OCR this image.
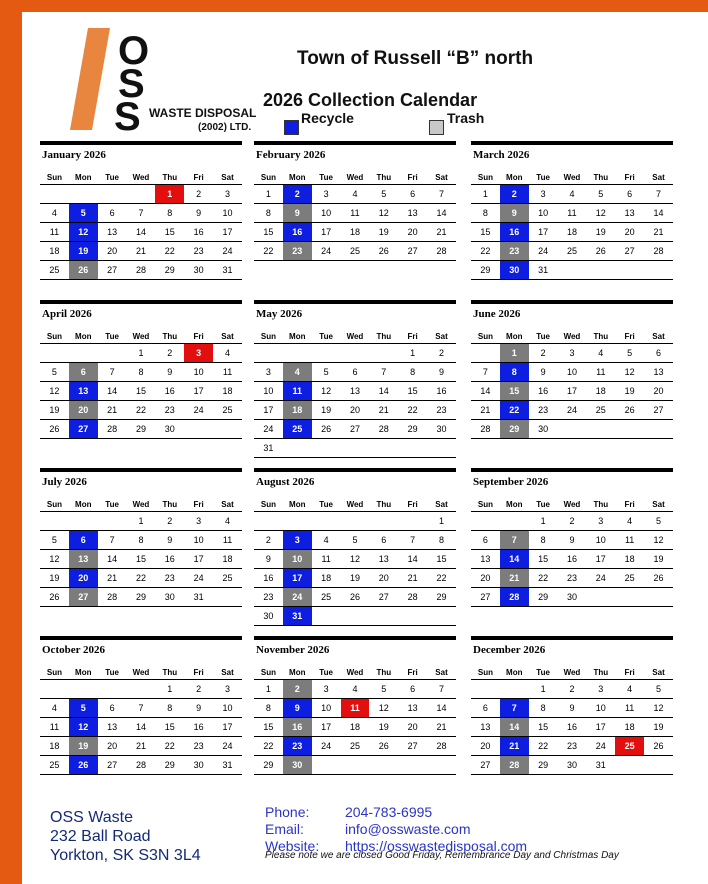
O
S
S WASTE DISPOSAL
(2002) LTD.
Town of Russell “B” north
2026 Collection Calendar
Recycle	Trash
January 2026
Sun	Mon	Tue	Wed	Thu	Fri	Sat
				1	2	3
4	5	6	7	8	9	10
11	12	13	14	15	16	17
18	19	20	21	22	23	24
25	26	27	28	29	30	31
February 2026
Sun	Mon	Tue	Wed	Thu	Fri	Sat
1	2	3	4	5	6	7
8	9	10	11	12	13	14
15	16	17	18	19	20	21
22	23	24	25	26	27	28
March 2026
Sun	Mon	Tue	Wed	Thu	Fri	Sat
1	2	3	4	5	6	7
8	9	10	11	12	13	14
15	16	17	18	19	20	21
22	23	24	25	26	27	28
29	30	31				
April 2026
Sun	Mon	Tue	Wed	Thu	Fri	Sat
			1	2	3	4
5	6	7	8	9	10	11
12	13	14	15	16	17	18
19	20	21	22	23	24	25
26	27	28	29	30		
May 2026
Sun	Mon	Tue	Wed	Thu	Fri	Sat
					1	2
3	4	5	6	7	8	9
10	11	12	13	14	15	16
17	18	19	20	21	22	23
24	25	26	27	28	29	30
31						
June 2026
Sun	Mon	Tue	Wed	Thu	Fri	Sat
	1	2	3	4	5	6
7	8	9	10	11	12	13
14	15	16	17	18	19	20
21	22	23	24	25	26	27
28	29	30				
July 2026
Sun	Mon	Tue	Wed	Thu	Fri	Sat
			1	2	3	4
5	6	7	8	9	10	11
12	13	14	15	16	17	18
19	20	21	22	23	24	25
26	27	28	29	30	31	
August 2026
Sun	Mon	Tue	Wed	Thu	Fri	Sat
						1
2	3	4	5	6	7	8
9	10	11	12	13	14	15
16	17	18	19	20	21	22
23	24	25	26	27	28	29
30	31					
September 2026
Sun	Mon	Tue	Wed	Thu	Fri	Sat
		1	2	3	4	5
6	7	8	9	10	11	12
13	14	15	16	17	18	19
20	21	22	23	24	25	26
27	28	29	30			
October 2026
Sun	Mon	Tue	Wed	Thu	Fri	Sat
				1	2	3
4	5	6	7	8	9	10
11	12	13	14	15	16	17
18	19	20	21	22	23	24
25	26	27	28	29	30	31
November 2026
Sun	Mon	Tue	Wed	Thu	Fri	Sat
1	2	3	4	5	6	7
8	9	10	11	12	13	14
15	16	17	18	19	20	21
22	23	24	25	26	27	28
29	30					
December 2026
Sun	Mon	Tue	Wed	Thu	Fri	Sat
		1	2	3	4	5
6	7	8	9	10	11	12
13	14	15	16	17	18	19
20	21	22	23	24	25	26
27	28	29	30	31		
OSS Waste
232 Ball Road
Yorkton, SK S3N 3L4
Phone:	204-783-6995
Email:	info@osswaste.com
Website:	https://osswastedisposal.com
Please note we are closed Good Friday, Remembrance Day and Christmas Day
